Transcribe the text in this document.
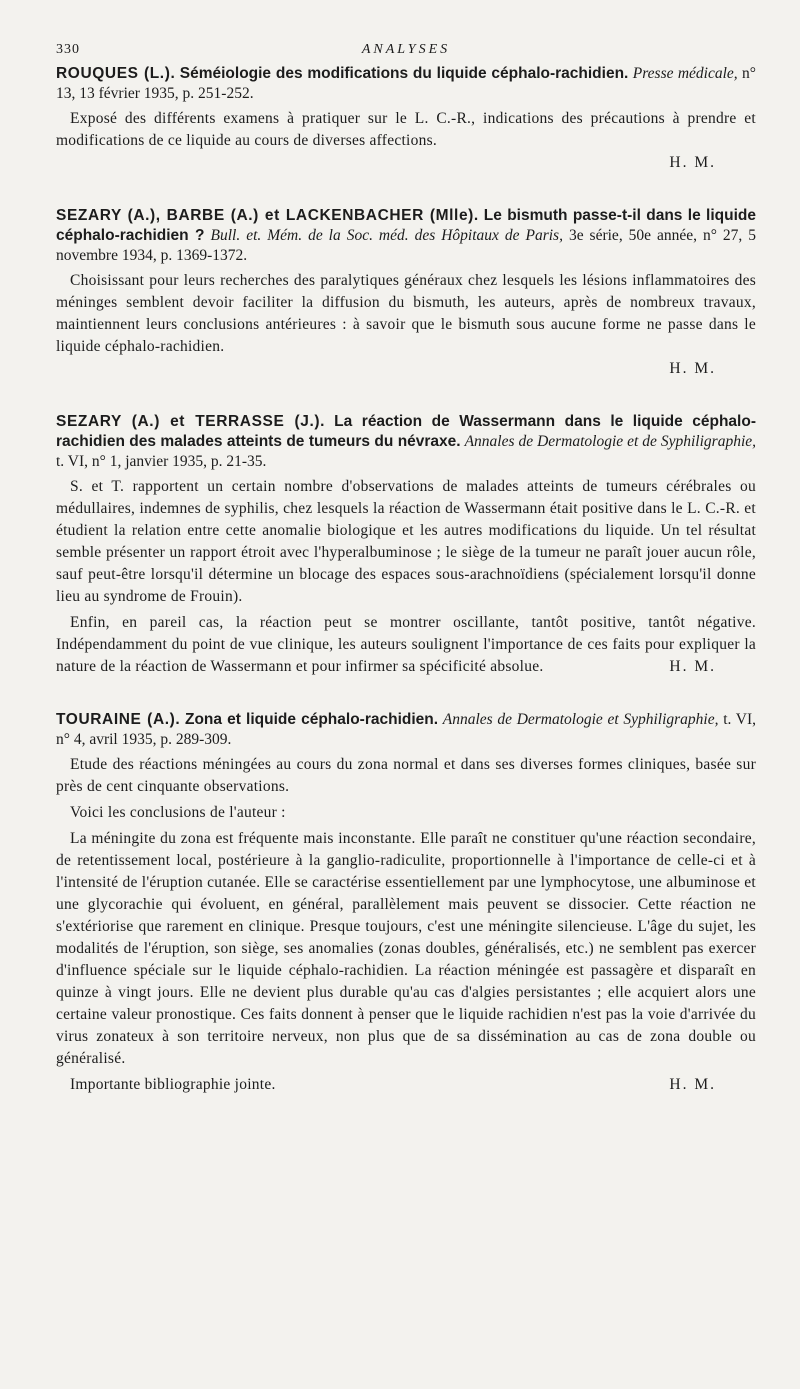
330	ANALYSES
ROUQUES (L.). Séméiologie des modifications du liquide céphalo-rachidien. Presse médicale, n° 13, 13 février 1935, p. 251-252.

Exposé des différents examens à pratiquer sur le L. C.-R., indications des précautions à prendre et modifications de ce liquide au cours de diverses affections.

H. M.
SEZARY (A.), BARBE (A.) et LACKENBACHER (Mlle). Le bismuth passe-t-il dans le liquide céphalo-rachidien ? Bull. et. Mém. de la Soc. méd. des Hôpitaux de Paris, 3e série, 50e année, n° 27, 5 novembre 1934, p. 1369-1372.

Choisissant pour leurs recherches des paralytiques généraux chez lesquels les lésions inflammatoires des méninges semblent devoir faciliter la diffusion du bismuth, les auteurs, après de nombreux travaux, maintiennent leurs conclusions antérieures : à savoir que le bismuth sous aucune forme ne passe dans le liquide céphalo-rachidien.

H. M.
SEZARY (A.) et TERRASSE (J.). La réaction de Wassermann dans le liquide céphalo-rachidien des malades atteints de tumeurs du névraxe. Annales de Dermatologie et de Syphiligraphie, t. VI, n° 1, janvier 1935, p. 21-35.

S. et T. rapportent un certain nombre d'observations de malades atteints de tumeurs cérébrales ou médullaires, indemnes de syphilis, chez lesquels la réaction de Wassermann était positive dans le L. C.-R. et étudient la relation entre cette anomalie biologique et les autres modifications du liquide. Un tel résultat semble présenter un rapport étroit avec l'hyperalbuminose ; le siège de la tumeur ne paraît jouer aucun rôle, sauf peut-être lorsqu'il détermine un blocage des espaces sous-arachnoïdiens (spécialement lorsqu'il donne lieu au syndrome de Frouin).

Enfin, en pareil cas, la réaction peut se montrer oscillante, tantôt positive, tantôt négative. Indépendamment du point de vue clinique, les auteurs soulignent l'importance de ces faits pour expliquer la nature de la réaction de Wassermann et pour infirmer sa spécificité absolue.	H. M.

TOURAINE (A.). Zona et liquide céphalo-rachidien. Annales de Dermatologie et Syphiligraphie, t. VI, n° 4, avril 1935, p. 289-309.

Etude des réactions méningées au cours du zona normal et dans ses diverses formes cliniques, basée sur près de cent cinquante observations.

Voici les conclusions de l'auteur :

La méningite du zona est fréquente mais inconstante. Elle paraît ne constituer qu'une réaction secondaire, de retentissement local, postérieure à la ganglio-radiculite, proportionnelle à l'importance de celle-ci et à l'intensité de l'éruption cutanée. Elle se caractérise essentiellement par une lymphocytose, une albuminose et une glycorachie qui évoluent, en général, parallèlement mais peuvent se dissocier. Cette réaction ne s'extériorise que rarement en clinique. Presque toujours, c'est une méningite silencieuse. L'âge du sujet, les modalités de l'éruption, son siège, ses anomalies (zonas doubles, généralisés, etc.) ne semblent pas exercer d'influence spéciale sur le liquide céphalo-rachidien. La réaction méningée est passagère et disparaît en quinze à vingt jours. Elle ne devient plus durable qu'au cas d'algies persistantes ; elle acquiert alors une certaine valeur pronostique. Ces faits donnent à penser que le liquide rachidien n'est pas la voie d'arrivée du virus zonateux à son territoire nerveux, non plus que de sa dissémination au cas de zona double ou généralisé.

Importante bibliographie jointe.	H. M.
